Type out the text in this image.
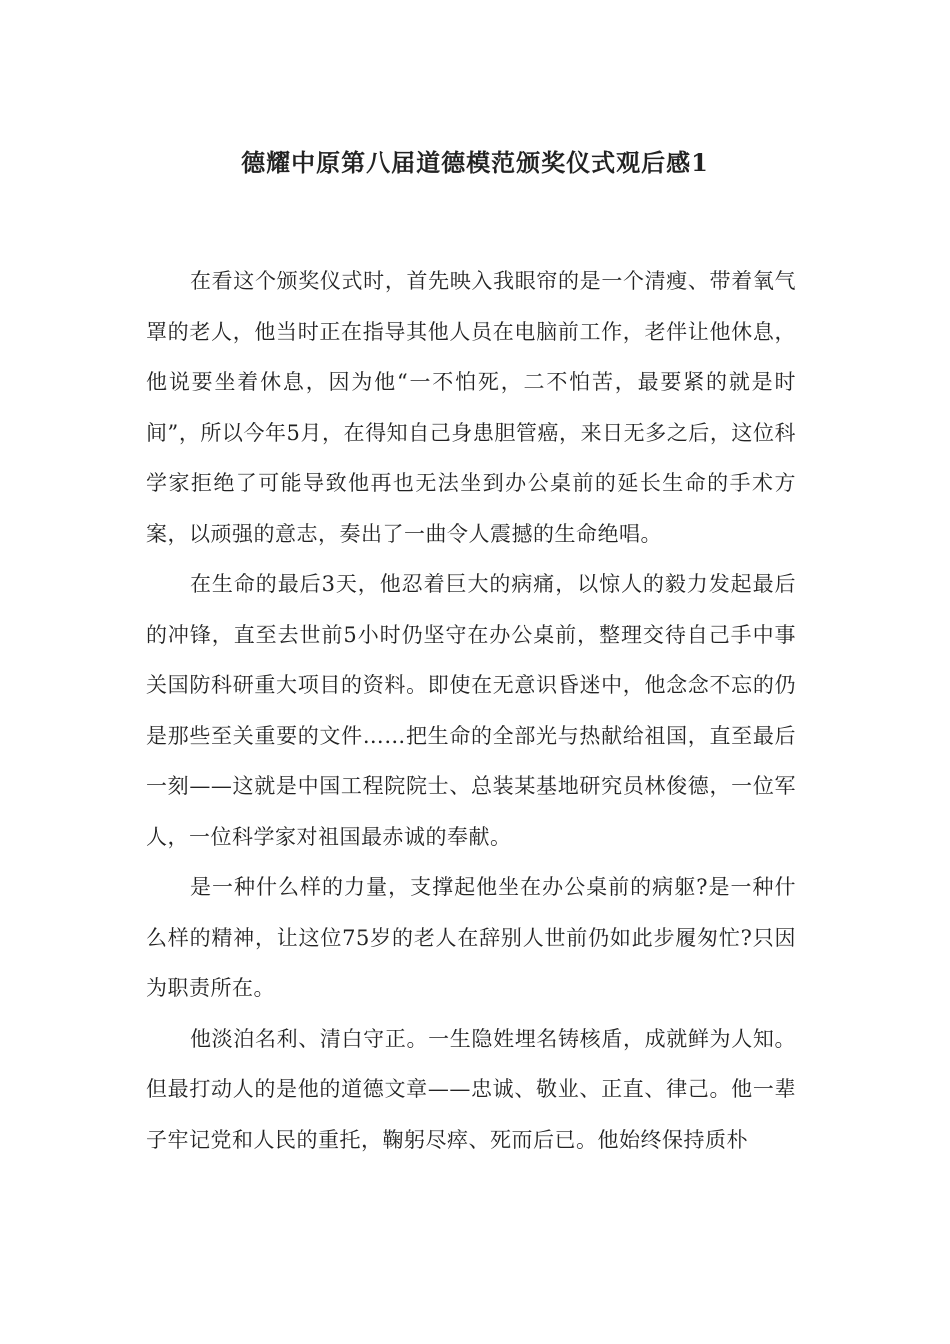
德耀中原第八届道德模范颁奖仪式观后感1

在看这个颁奖仪式时，首先映入我眼帘的是一个清瘦、带着氧气罩的老人，他当时正在指导其他人员在电脑前工作，老伴让他休息，他说要坐着休息，因为他“一不怕死，二不怕苦，最要紧的就是时间”，所以今年5月，在得知自己身患胆管癌，来日无多之后，这位科学家拒绝了可能导致他再也无法坐到办公桌前的延长生命的手术方案，以顽强的意志，奏出了一曲令人震撼的生命绝唱。

在生命的最后3天，他忍着巨大的病痛，以惊人的毅力发起最后的冲锋，直至去世前5小时仍坚守在办公桌前，整理交待自己手中事关国防科研重大项目的资料。即使在无意识昏迷中，他念念不忘的仍是那些至关重要的文件……把生命的全部光与热献给祖国，直至最后一刻——这就是中国工程院院士、总装某基地研究员林俊德，一位军人，一位科学家对祖国最赤诚的奉献。

是一种什么样的力量，支撑起他坐在办公桌前的病躯?是一种什么样的精神，让这位75岁的老人在辞别人世前仍如此步履匆忙?只因为职责所在。

他淡泊名利、清白守正。一生隐姓埋名铸核盾，成就鲜为人知。但最打动人的是他的道德文章——忠诚、敬业、正直、律己。他一辈子牢记党和人民的重托，鞠躬尽瘁、死而后已。他始终保持质朴
